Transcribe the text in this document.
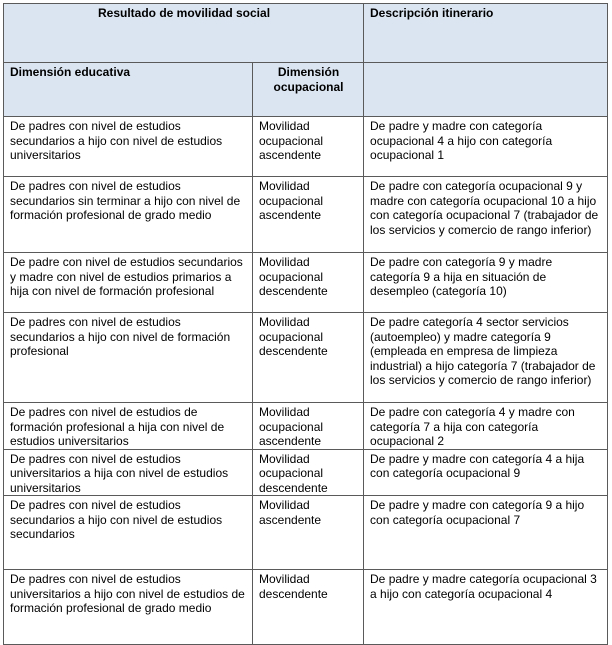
Resultado de movilidad social		Descripción itinerario
Dimensión educativa	Dimensión ocupacional	
De padres con nivel de estudios secundarios a hijo con nivel de estudios universitarios	Movilidad ocupacional ascendente	De padre y madre con categoría ocupacional 4 a hijo con categoría ocupacional 1
De padres con nivel de estudios secundarios sin terminar a hijo con nivel de formación profesional de grado medio	Movilidad ocupacional ascendente	De padre con categoría ocupacional 9 y madre con categoría ocupacional 10 a hijo con categoría ocupacional 7 (trabajador de los servicios y comercio de rango inferior)
De padre con nivel de estudios secundarios y madre con nivel de estudios primarios a hija con nivel de formación profesional	Movilidad ocupacional descendente	De padre con categoría 9 y madre categoría 9 a hija en situación de desempleo (categoría 10)
De padres con nivel de estudios secundarios a hijo con nivel de formación profesional	Movilidad ocupacional descendente	De padre categoría 4 sector servicios (autoempleo) y madre categoría 9 (empleada en empresa de limpieza industrial) a hijo categoría 7 (trabajador de los servicios y comercio de rango inferior)
De padres con nivel de estudios de formación profesional a hija con nivel de estudios universitarios	Movilidad ocupacional ascendente	De padre con categoría 4 y madre con categoría 7 a hija con categoría ocupacional 2
De padres con nivel de estudios universitarios a hija con nivel de estudios universitarios	Movilidad ocupacional descendente	De padre y madre con categoría 4 a hija con categoría ocupacional 9
De padres con nivel de estudios secundarios a hijo con nivel de estudios secundarios	Movilidad ascendente	De padre y madre con categoría 9 a hijo con categoría ocupacional 7
De padres con nivel de estudios universitarios a hijo con nivel de estudios de formación profesional de grado medio	Movilidad descendente	De padre y madre categoría ocupacional 3 a hijo con categoría ocupacional 4
